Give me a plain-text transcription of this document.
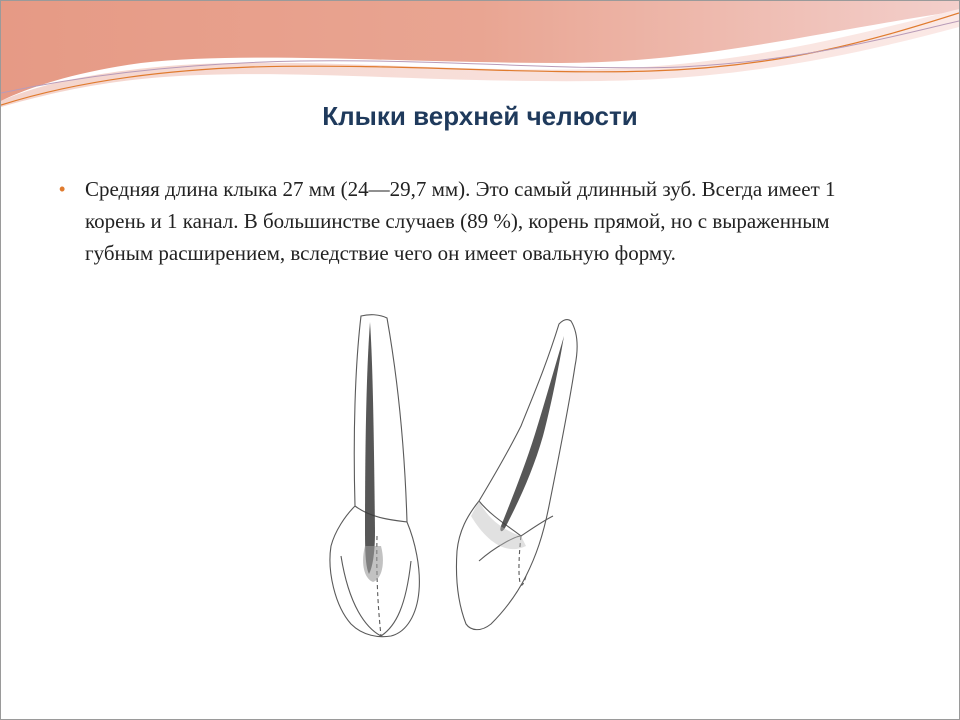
Клыки верхней челюсти
• Средняя длина клыка 27 мм (24—29,7 мм). Это самый длинный зуб. Всегда имеет 1 корень и 1 канал. В большинстве случаев (89 %), корень прямой, но с выраженным губным расширением, вследствие чего он имеет овальную форму.
